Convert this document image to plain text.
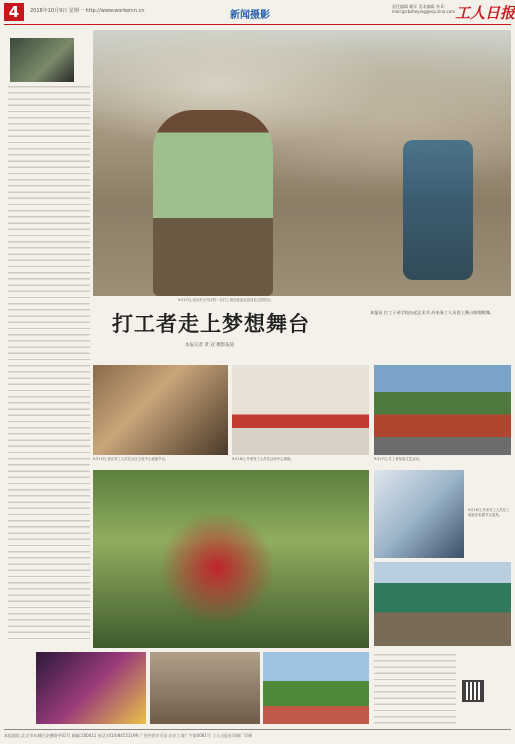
4	2018年10月9日 星期一 http://www.workercn.cn	新闻摄影
责任编辑 戴军 美术编辑 李 E-mail:grrbsheying@vip.sina.com 工人日报
9月27日,北京市大兴区的一名打工者在废品站讲述自己的经历。
打工者走上梦想舞台
本报记者 黄 冠 摄影报道
本报讯 打工子弟学校办起艺术节,外来务工人员登上舞台唱歌跳舞,
9月15日,来京务工人员在社区文化中心表演节目。	9月16日,外来务工人员在活动中心排练。	9月27日,打工者参加文艺活动。
9月18日,外来务工人员在工地宿舍布置节目道具。
本报地址:北京市东城区安德路甲61号 邮编:100011 电话:(010)84151199 广告经营许可证:京东工商广字第0081号 工人日报社印刷厂印刷
